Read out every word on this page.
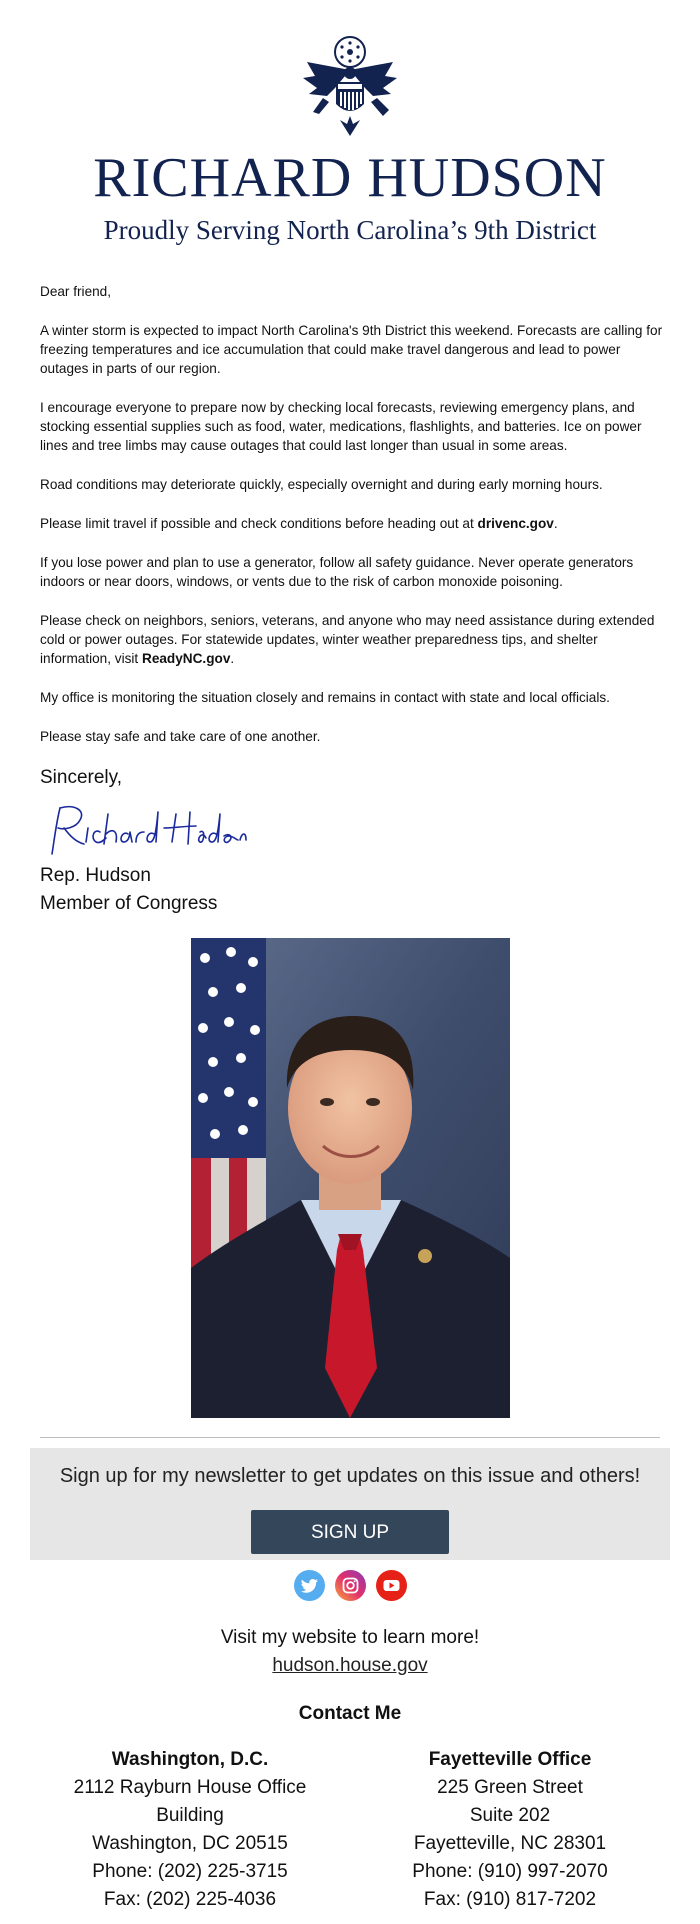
RICHARD HUDSON
Proudly Serving North Carolina’s 9th District

Dear friend,

A winter storm is expected to impact North Carolina's 9th District this weekend. Forecasts are calling for freezing temperatures and ice accumulation that could make travel dangerous and lead to power outages in parts of our region.

I encourage everyone to prepare now by checking local forecasts, reviewing emergency plans, and stocking essential supplies such as food, water, medications, flashlights, and batteries. Ice on power lines and tree limbs may cause outages that could last longer than usual in some areas.

Road conditions may deteriorate quickly, especially overnight and during early morning hours.

Please limit travel if possible and check conditions before heading out at drivenc.gov.

If you lose power and plan to use a generator, follow all safety guidance. Never operate generators indoors or near doors, windows, or vents due to the risk of carbon monoxide poisoning.

Please check on neighbors, seniors, veterans, and anyone who may need assistance during extended cold or power outages. For statewide updates, winter weather preparedness tips, and shelter information, visit ReadyNC.gov.

My office is monitoring the situation closely and remains in contact with state and local officials.

Please stay safe and take care of one another.

Sincerely,
Rep. Hudson
Member of Congress
Sign up for my newsletter to get updates on this issue and others!
SIGN UP

Visit my website to learn more!
hudson.house.gov
Contact Me
Washington, D.C.
2112 Rayburn House Office
Building
Washington, DC 20515
Phone: (202) 225-3715
Fax: (202) 225-4036
Fayetteville Office
225 Green Street
Suite 202
Fayetteville, NC 28301
Phone: (910) 997-2070
Fax: (910) 817-7202
